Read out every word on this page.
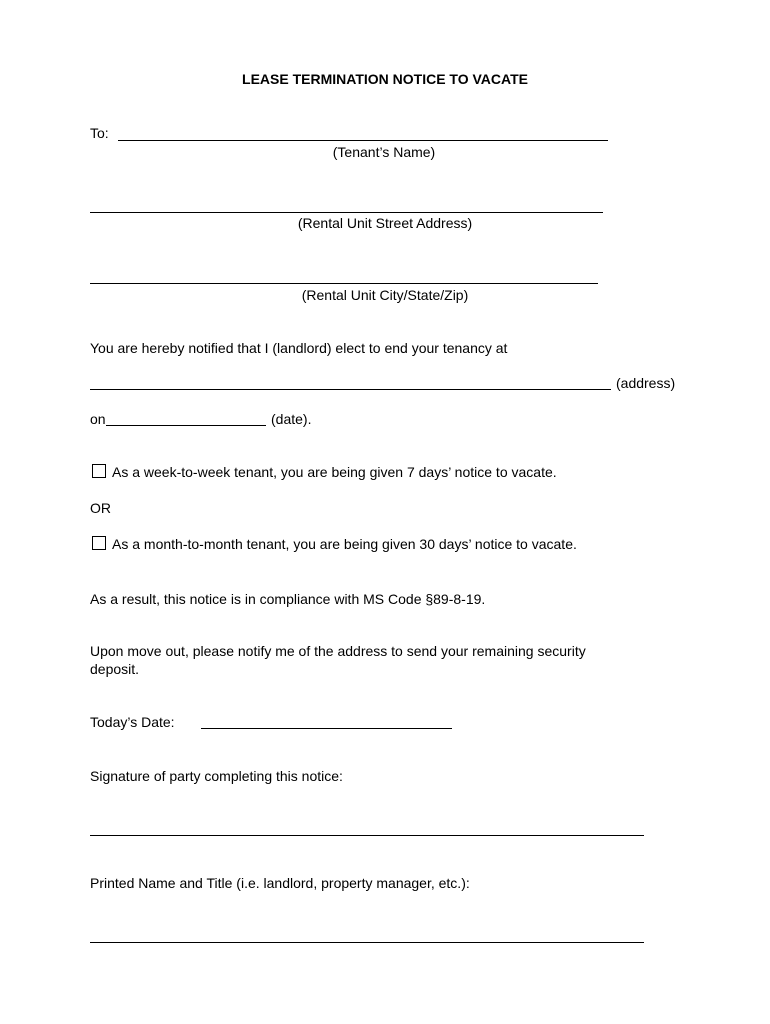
LEASE TERMINATION NOTICE TO VACATE
To:
(Tenant’s Name)
(Rental Unit Street Address)
(Rental Unit City/State/Zip)
You are hereby notified that I (landlord) elect to end your tenancy at
(address)
on	(date).
As a week-to-week tenant, you are being given 7 days’ notice to vacate.
OR
As a month-to-month tenant, you are being given 30 days’ notice to vacate.
As a result, this notice is in compliance with MS Code §89-8-19.
Upon move out, please notify me of the address to send your remaining security
deposit.
Today’s Date:
Signature of party completing this notice:
Printed Name and Title (i.e. landlord, property manager, etc.):
